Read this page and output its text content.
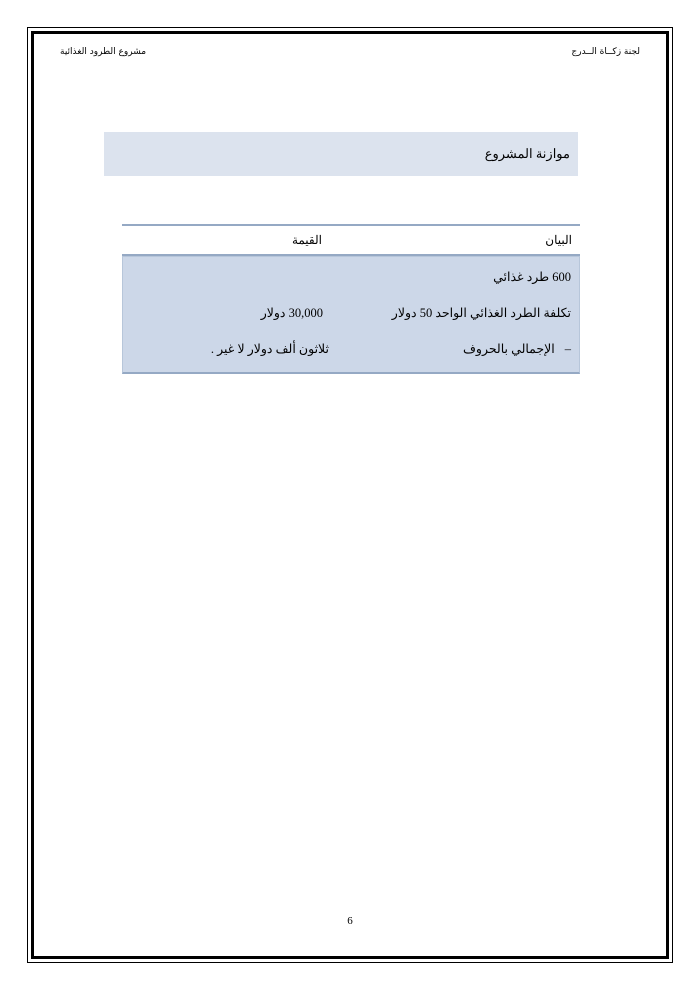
مشروع الطرود الغذائية	لجنة زكــاة الــدرج
موازنة المشروع
البيان
القيمة
600 طرد غذائي
تكلفة الطرد الغذائي الواحد 50 دولار
30,000 دولار
–الإجمالي بالحروف
ثلاثون ألف دولار لا غير .
6
